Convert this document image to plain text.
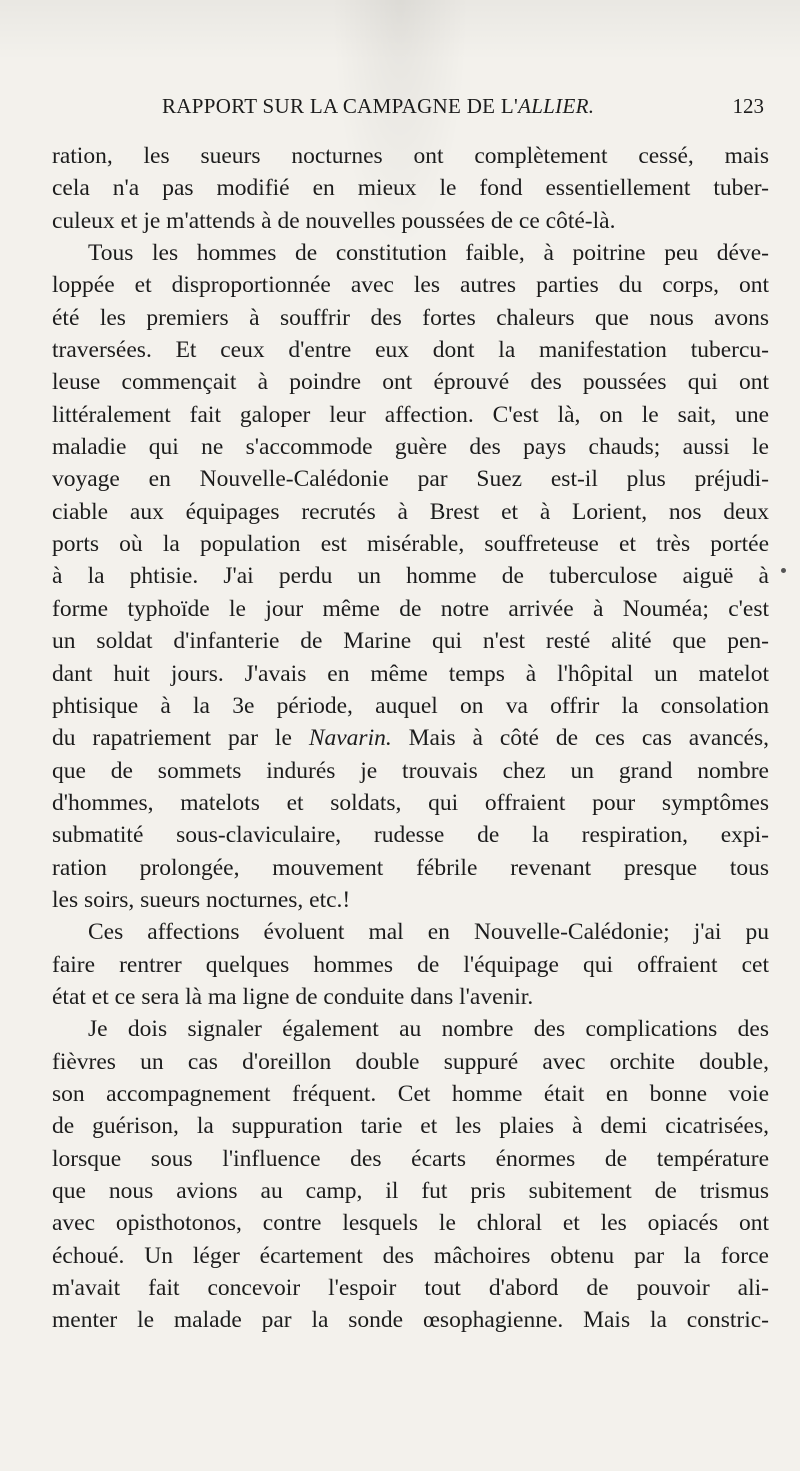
RAPPORT SUR LA CAMPAGNE DE L'ALLIER.	123
ration, les sueurs nocturnes ont complètement cessé, mais
cela n'a pas modifié en mieux le fond essentiellement tuber-
culeux et je m'attends à de nouvelles poussées de ce côté-là.
Tous les hommes de constitution faible, à poitrine peu déve-
loppée et disproportionnée avec les autres parties du corps, ont
été les premiers à souffrir des fortes chaleurs que nous avons
traversées. Et ceux d'entre eux dont la manifestation tubercu-
leuse commençait à poindre ont éprouvé des poussées qui ont
littéralement fait galoper leur affection. C'est là, on le sait, une
maladie qui ne s'accommode guère des pays chauds; aussi le
voyage en Nouvelle-Calédonie par Suez est-il plus préjudi-
ciable aux équipages recrutés à Brest et à Lorient, nos deux
ports où la population est misérable, souffreteuse et très portée
à la phtisie. J'ai perdu un homme de tuberculose aiguë à
forme typhoïde le jour même de notre arrivée à Nouméa; c'est
un soldat d'infanterie de Marine qui n'est resté alité que pen-
dant huit jours. J'avais en même temps à l'hôpital un matelot
phtisique à la 3e période, auquel on va offrir la consolation
du rapatriement par le Navarin. Mais à côté de ces cas avancés,
que de sommets indurés je trouvais chez un grand nombre
d'hommes, matelots et soldats, qui offraient pour symptômes
submatité sous-claviculaire, rudesse de la respiration, expi-
ration prolongée, mouvement fébrile revenant presque tous
les soirs, sueurs nocturnes, etc.!
Ces affections évoluent mal en Nouvelle-Calédonie; j'ai pu
faire rentrer quelques hommes de l'équipage qui offraient cet
état et ce sera là ma ligne de conduite dans l'avenir.
Je dois signaler également au nombre des complications des
fièvres un cas d'oreillon double suppuré avec orchite double,
son accompagnement fréquent. Cet homme était en bonne voie
de guérison, la suppuration tarie et les plaies à demi cicatrisées,
lorsque sous l'influence des écarts énormes de température
que nous avions au camp, il fut pris subitement de trismus
avec opisthotonos, contre lesquels le chloral et les opiacés ont
échoué. Un léger écartement des mâchoires obtenu par la force
m'avait fait concevoir l'espoir tout d'abord de pouvoir ali-
menter le malade par la sonde œsophagienne. Mais la constric-
